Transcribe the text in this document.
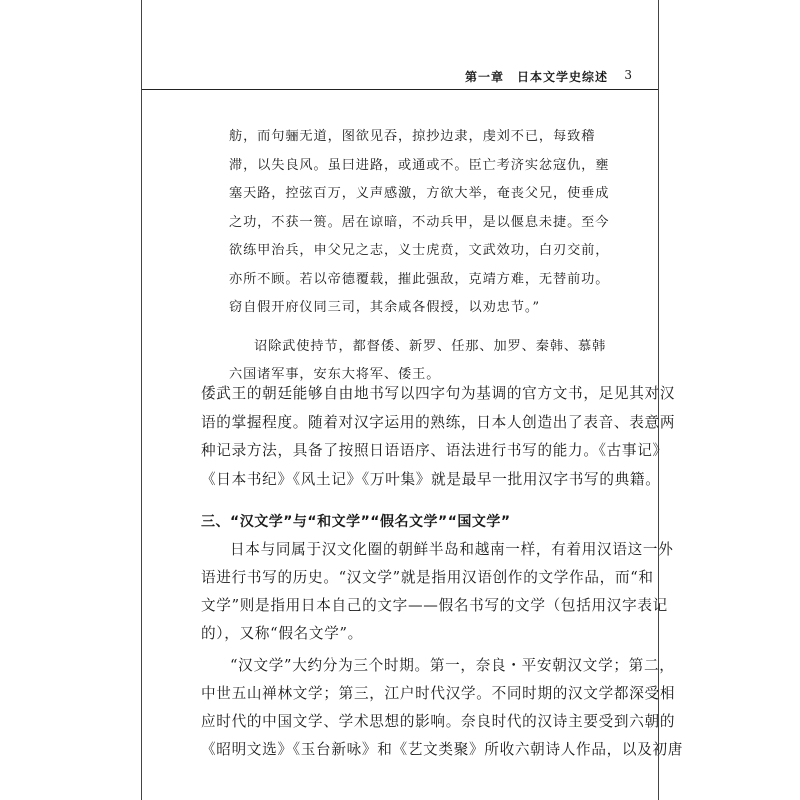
第一章　日本文学史综述 3

舫，而句骊无道，图欲见吞，掠抄边隶，虔刘不已，每致稽
滞，以失良风。虽曰进路，或通或不。臣亡考济实忿寇仇，壅
塞天路，控弦百万，义声感激，方欲大举，奄丧父兄，使垂成
之功，不获一篑。居在谅暗，不动兵甲，是以偃息未捷。至今
欲练甲治兵，申父兄之志，义士虎贲，文武效功，白刃交前，
亦所不顾。若以帝德覆载，摧此强敌，克靖方难，无替前功。
窃自假开府仪同三司，其余咸各假授，以劝忠节。”

诏除武使持节，都督倭、新罗、任那、加罗、秦韩、慕韩
六国诸军事，安东大将军、倭王。

倭武王的朝廷能够自由地书写以四字句为基调的官方文书，足见其对汉
语的掌握程度。随着对汉字运用的熟练，日本人创造出了表音、表意两
种记录方法，具备了按照日语语序、语法进行书写的能力。《古事记》
《日本书纪》《风土记》《万叶集》就是最早一批用汉字书写的典籍。
三、“汉文学”与“和文学”“假名文学”“国文学”
日本与同属于汉文化圈的朝鲜半岛和越南一样，有着用汉语这一外
语进行书写的历史。“汉文学”就是指用汉语创作的文学作品，而“和
文学”则是指用日本自己的文字——假名书写的文学（包括用汉字表记
的），又称“假名文学”。
“汉文学”大约分为三个时期。第一，奈良・平安朝汉文学；第二，
中世五山禅林文学；第三，江户时代汉学。不同时期的汉文学都深受相
应时代的中国文学、学术思想的影响。奈良时代的汉诗主要受到六朝的
《昭明文选》《玉台新咏》和《艺文类聚》所收六朝诗人作品，以及初唐
